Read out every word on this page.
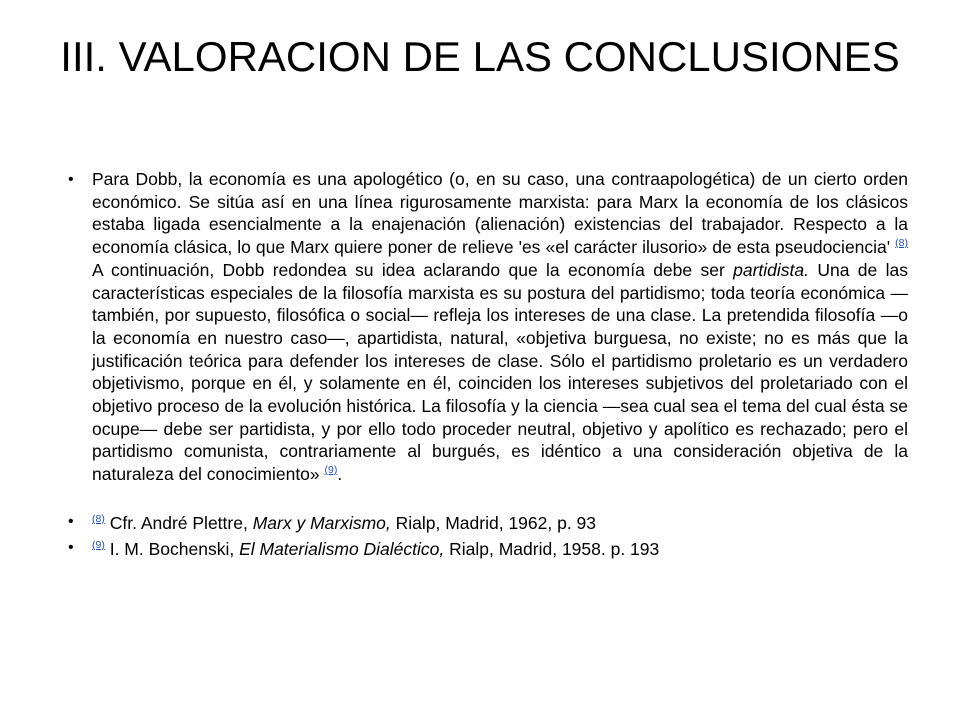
III. VALORACION DE LAS CONCLUSIONES
• Para Dobb, la economía es una apologético (o, en su caso, una contraapologética) de un cierto orden económico. Se sitúa así en una línea rigurosamente marxista: para Marx la economía de los clásicos estaba ligada esencialmente a la enajenación (alienación) existencias del trabajador. Respecto a la economía clásica, lo que Marx quiere poner de relieve 'es «el carácter ilusorio» de esta pseudociencia' $^{(8)}$ A continuación, Dobb redondea su idea aclarando que la economía debe ser partidista. Una de las características especiales de la filosofía marxista es su postura del partidismo; toda teoría económica —también, por supuesto, filosófica o social— refleja los intereses de una clase. La pretendida filosofía —o la economía en nuestro caso—, apartidista, natural, «objetiva burguesa, no existe; no es más que la justificación teórica para defender los intereses de clase. Sólo el partidismo proletario es un verdadero objetivismo, porque en él, y solamente en él, coinciden los intereses subjetivos del proletariado con el objetivo proceso de la evolución histórica. La filosofía y la ciencia —sea cual sea el tema del cual ésta se ocupe— debe ser partidista, y por ello todo proceder neutral, objetivo y apolítico es rechazado; pero el partidismo comunista, contrariamente al burgués, es idéntico a una consideración objetiva de la naturaleza del conocimiento» $^{(9)}$.

• $^{(8)}$ Cfr. André Plettre, Marx y Marxismo, Rialp, Madrid, 1962, p. 93

• $^{(9)}$ I. M. Bochenski, El Materialismo Dialéctico, Rialp, Madrid, 1958. p. 193
